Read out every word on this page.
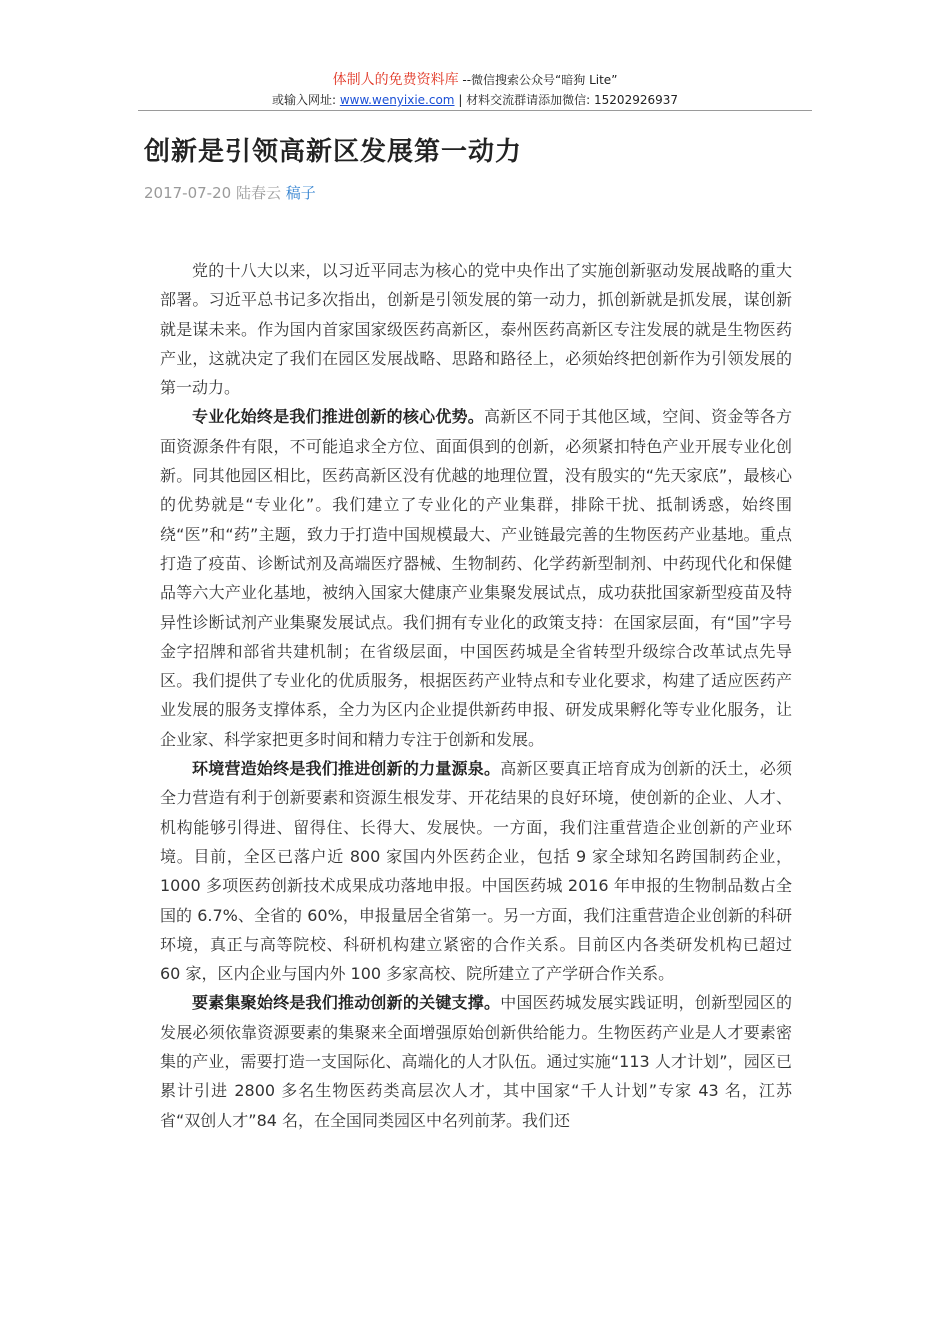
体制人的免费资料库 --微信搜索公众号“暗狗 Lite”
或输入网址: www.wenyixie.com | 材料交流群请添加微信: 15202926937
创新是引领高新区发展第一动力
2017-07-20 陆春云 稿子

党的十八大以来，以习近平同志为核心的党中央作出了实施创新驱动发展战略的重大部署。习近平总书记多次指出，创新是引领发展的第一动力，抓创新就是抓发展，谋创新就是谋未来。作为国内首家国家级医药高新区，泰州医药高新区专注发展的就是生物医药产业，这就决定了我们在园区发展战略、思路和路径上，必须始终把创新作为引领发展的第一动力。

专业化始终是我们推进创新的核心优势。高新区不同于其他区域，空间、资金等各方面资源条件有限，不可能追求全方位、面面俱到的创新，必须紧扣特色产业开展专业化创新。同其他园区相比，医药高新区没有优越的地理位置，没有殷实的“先天家底”，最核心的优势就是“专业化”。我们建立了专业化的产业集群，排除干扰、抵制诱惑，始终围绕“医”和“药”主题，致力于打造中国规模最大、产业链最完善的生物医药产业基地。重点打造了疫苗、诊断试剂及高端医疗器械、生物制药、化学药新型制剂、中药现代化和保健品等六大产业化基地，被纳入国家大健康产业集聚发展试点，成功获批国家新型疫苗及特异性诊断试剂产业集聚发展试点。我们拥有专业化的政策支持：在国家层面，有“国”字号金字招牌和部省共建机制；在省级层面，中国医药城是全省转型升级综合改革试点先导区。我们提供了专业化的优质服务，根据医药产业特点和专业化要求，构建了适应医药产业发展的服务支撑体系，全力为区内企业提供新药申报、研发成果孵化等专业化服务，让企业家、科学家把更多时间和精力专注于创新和发展。

环境营造始终是我们推进创新的力量源泉。高新区要真正培育成为创新的沃土，必须全力营造有利于创新要素和资源生根发芽、开花结果的良好环境，使创新的企业、人才、机构能够引得进、留得住、长得大、发展快。一方面，我们注重营造企业创新的产业环境。目前，全区已落户近 800 家国内外医药企业，包括 9 家全球知名跨国制药企业，1000 多项医药创新技术成果成功落地申报。中国医药城 2016 年申报的生物制品数占全国的 6.7%、全省的 60%，申报量居全省第一。另一方面，我们注重营造企业创新的科研环境，真正与高等院校、科研机构建立紧密的合作关系。目前区内各类研发机构已超过 60 家，区内企业与国内外 100 多家高校、院所建立了产学研合作关系。

要素集聚始终是我们推动创新的关键支撑。中国医药城发展实践证明，创新型园区的发展必须依靠资源要素的集聚来全面增强原始创新供给能力。生物医药产业是人才要素密集的产业，需要打造一支国际化、高端化的人才队伍。通过实施“113 人才计划”，园区已累计引进 2800 多名生物医药类高层次人才，其中国家“千人计划”专家 43 名，江苏省“双创人才”84 名，在全国同类园区中名列前茅。我们还
